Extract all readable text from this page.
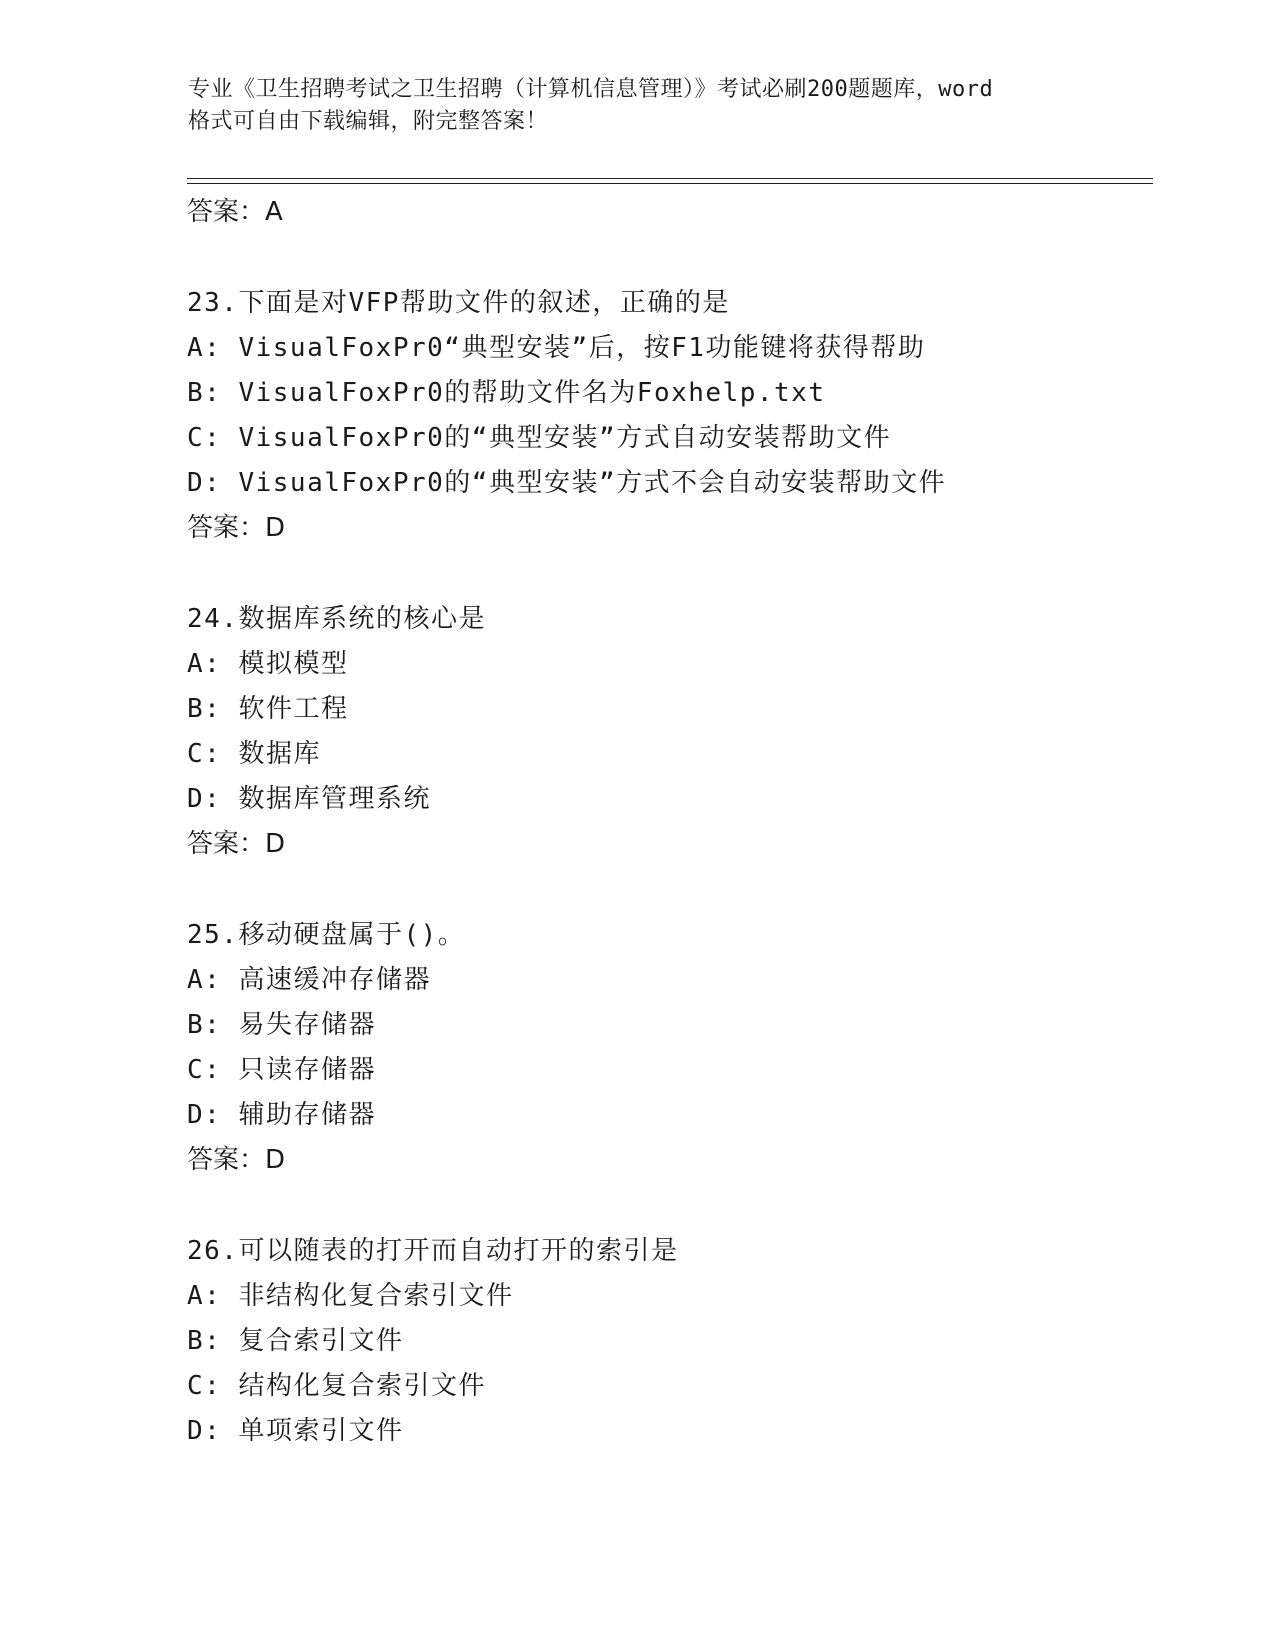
专业《卫生招聘考试之卫生招聘（计算机信息管理）》考试必刷200题题库，word
格式可自由下载编辑，附完整答案！
答案：A
23.下面是对VFP帮助文件的叙述，正确的是
A: VisualFoxPr0“典型安装”后，按F1功能键将获得帮助
B: VisualFoxPr0的帮助文件名为Foxhelp.txt
C: VisualFoxPr0的“典型安装”方式自动安装帮助文件
D: VisualFoxPr0的“典型安装”方式不会自动安装帮助文件
答案：D
24.数据库系统的核心是
A: 模拟模型
B: 软件工程
C: 数据库
D: 数据库管理系统
答案：D
25.移动硬盘属于()。
A: 高速缓冲存储器
B: 易失存储器
C: 只读存储器
D: 辅助存储器
答案：D
26.可以随表的打开而自动打开的索引是
A: 非结构化复合索引文件
B: 复合索引文件
C: 结构化复合索引文件
D: 单项索引文件
